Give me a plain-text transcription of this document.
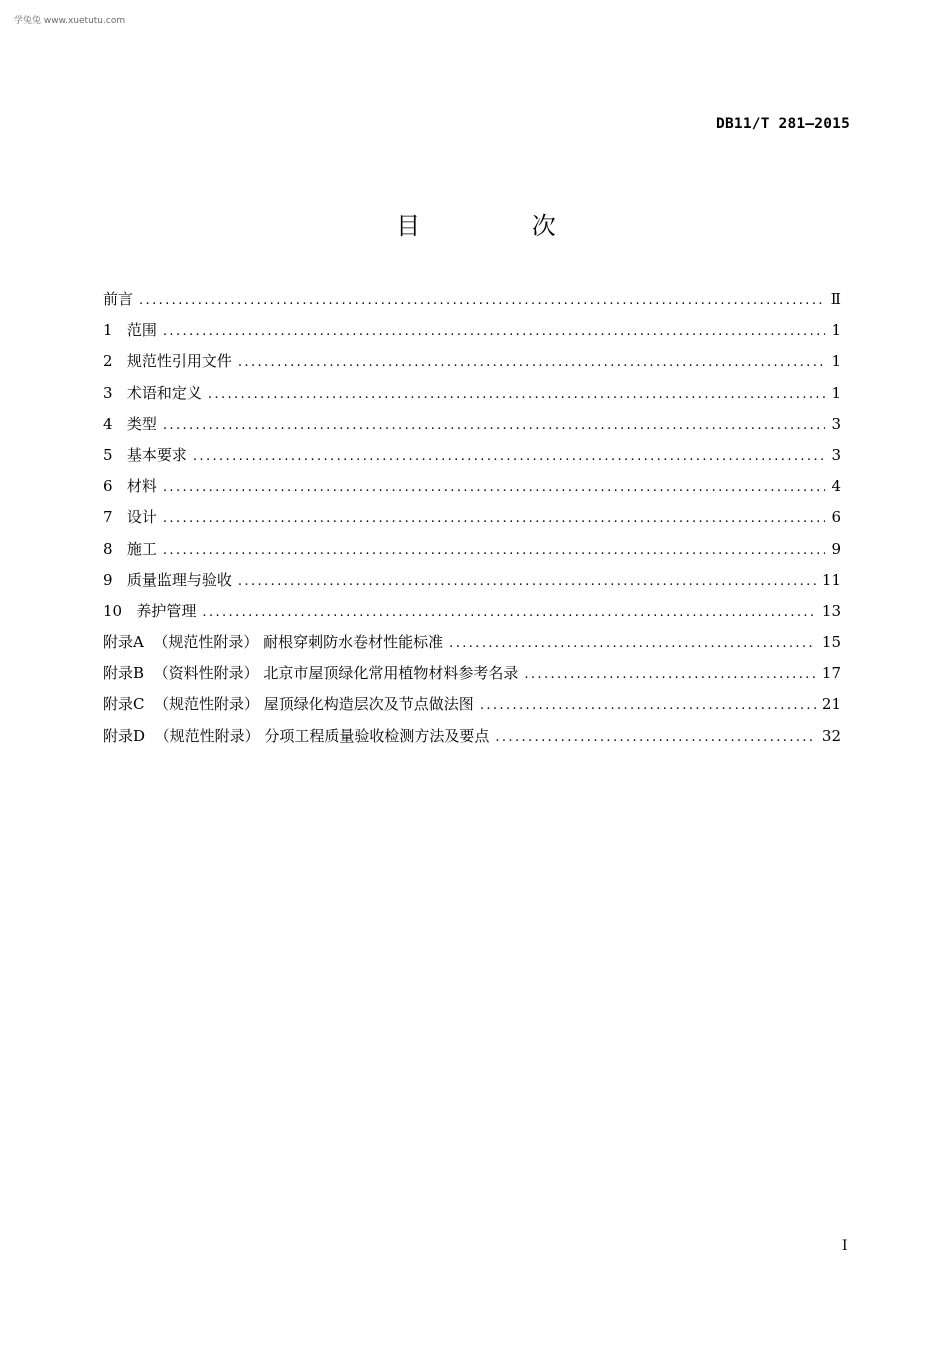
学兔兔 www.xuetutu.com
DB11/T 281—2015
目 次
前言 .....	Ⅱ
1 范围 .....	1
2 规范性引用文件 .....	1
3 术语和定义 .....	1
4 类型 .....	3
5 基本要求 .....	3
6 材料 .....	4
7 设计 .....	6
8 施工 .....	9
9 质量监理与验收 .....	11
10 养护管理 .....	13
附录A （规范性附录） 耐根穿刺防水卷材性能标准 .....	15
附录B （资料性附录） 北京市屋顶绿化常用植物材料参考名录 .....	17
附录C （规范性附录） 屋顶绿化构造层次及节点做法图 .....	21
附录D （规范性附录） 分项工程质量验收检测方法及要点 .....	32
I
